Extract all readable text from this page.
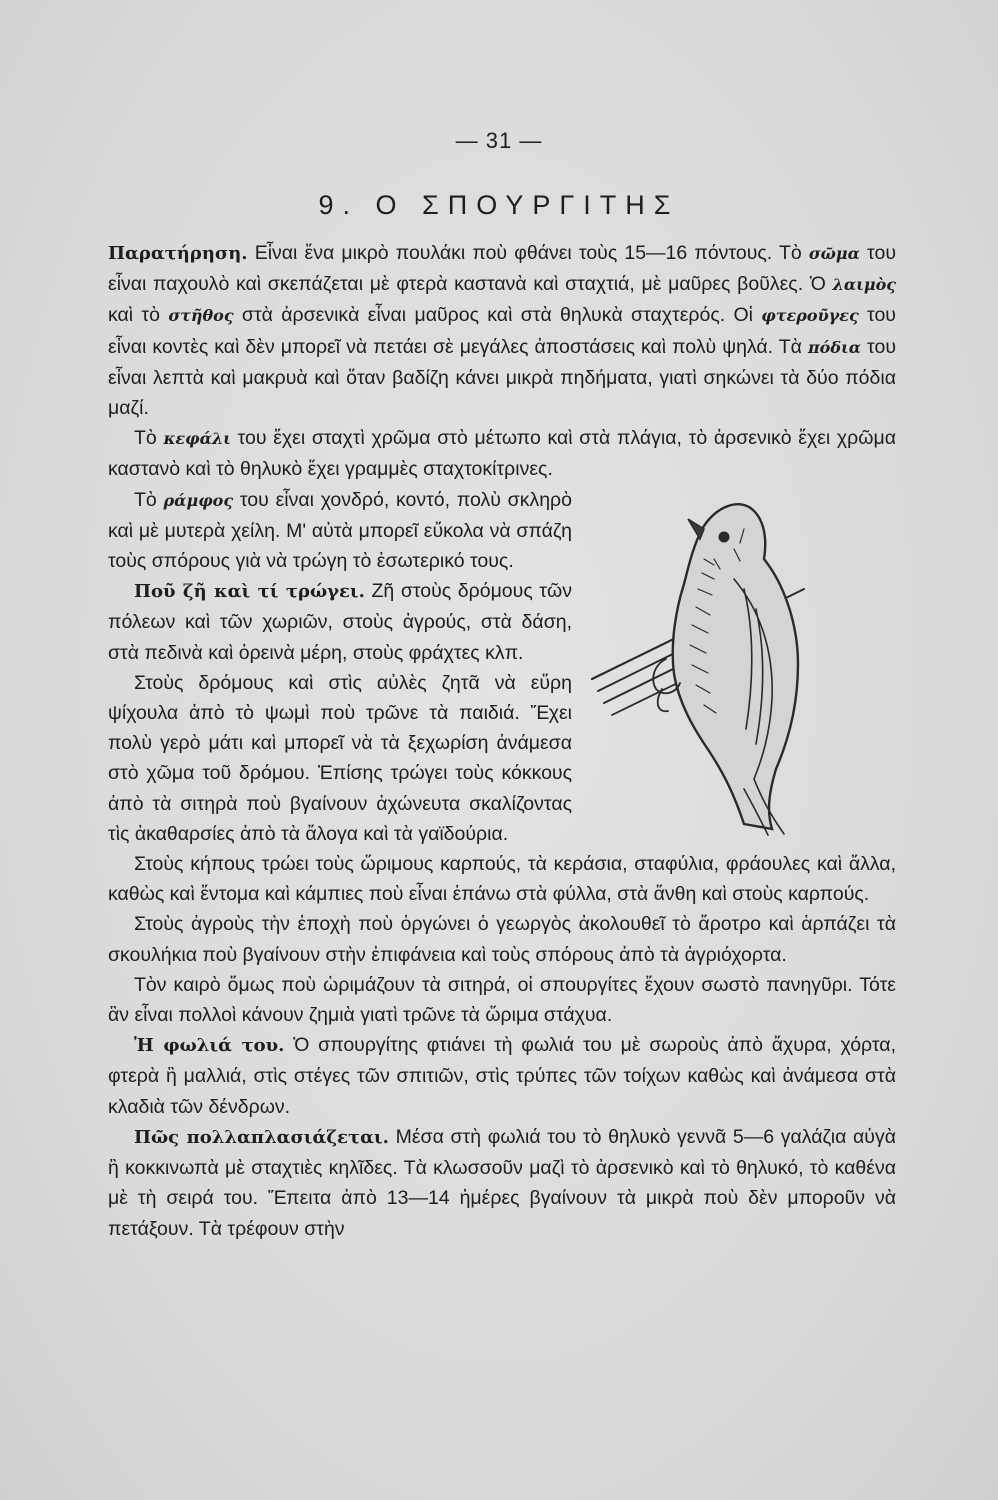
— 31 —
9. Ο ΣΠΟΥΡΓΙΤΗΣ

Παρατήρηση. Εἶναι ἕνα μικρὸ πουλάκι ποὺ φθάνει τοὺς 15—16 πόντους. Τὸ σῶμα του εἶναι παχουλὸ καὶ σκεπάζεται μὲ φτερὰ καστανὰ καὶ σταχτιά, μὲ μαῦρες βοῦλες. Ὁ λαιμὸς καὶ τὸ στῆθος στὰ ἀρσενικὰ εἶναι μαῦρος καὶ στὰ θηλυκὰ σταχτερός. Οἱ φτεροῦγες του εἶναι κοντὲς καὶ δὲν μπορεῖ νὰ πετάει σὲ μεγάλες ἀποστάσεις καὶ πολὺ ψηλά. Τὰ πόδια του εἶναι λεπτὰ καὶ μακρυὰ καὶ ὅταν βαδίζη κάνει μικρὰ πηδήματα, γιατὶ σηκώνει τὰ δύο πόδια μαζί.

Τὸ κεφάλι του ἔχει σταχτὶ χρῶμα στὸ μέτωπο καὶ στὰ πλάγια, τὸ ἀρσενικὸ ἔχει χρῶμα καστανὸ καὶ τὸ θηλυκὸ ἔχει γραμμὲς σταχτοκίτρινες.

Τὸ ράμφος του εἶναι χονδρό, κοντό, πολὺ σκληρὸ καὶ μὲ μυτερὰ χείλη. Μ' αὐτὰ μπορεῖ εὔκολα νὰ σπάζη τοὺς σπόρους γιὰ νὰ τρώγη τὸ ἐσωτερικό τους.

Ποῦ ζῆ καὶ τί τρώγει. Ζῆ στοὺς δρόμους τῶν πόλεων καὶ τῶν χωριῶν, στοὺς ἀγρούς, στὰ δάση, στὰ πεδινὰ καὶ ὀρεινὰ μέρη, στοὺς φράχτες κλπ.

Στοὺς δρόμους καὶ στὶς αὐλὲς ζητᾶ νὰ εὕρη ψίχουλα ἀπὸ τὸ ψωμὶ ποὺ τρῶνε τὰ παιδιά. Ἔχει πολὺ γερὸ μάτι καὶ μπορεῖ νὰ τὰ ξεχωρίση ἀνάμεσα στὸ χῶμα τοῦ δρόμου. Ἐπίσης τρώγει τοὺς κόκκους ἀπὸ τὰ σιτηρὰ ποὺ βγαίνουν ἀχώνευτα σκαλίζοντας τὶς ἀκαθαρσίες ἀπὸ τὰ ἄλογα καὶ τὰ γαϊδούρια.

Στοὺς κήπους τρώει τοὺς ὥριμους καρπούς, τὰ κεράσια, σταφύλια, φράουλες καὶ ἄλλα, καθὼς καὶ ἔντομα καὶ κάμπιες ποὺ εἶναι ἐπάνω στὰ φύλλα, στὰ ἄνθη καὶ στοὺς καρπούς.

Στοὺς ἀγροὺς τὴν ἐποχὴ ποὺ ὀργώνει ὁ γεωργὸς ἀκολουθεῖ τὸ ἄροτρο καὶ ἁρπάζει τὰ σκουλήκια ποὺ βγαίνουν στὴν ἐπιφάνεια καὶ τοὺς σπόρους ἀπὸ τὰ ἀγριόχορτα.

Τὸν καιρὸ ὅμως ποὺ ὡριμάζουν τὰ σιτηρά, οἱ σπουργίτες ἔχουν σωστὸ πανηγῦρι. Τότε ἂν εἶναι πολλοὶ κάνουν ζημιὰ γιατὶ τρῶνε τὰ ὥριμα στάχυα.

Ἡ φωλιά του. Ὁ σπουργίτης φτιάνει τὴ φωλιά του μὲ σωροὺς ἀπὸ ἄχυρα, χόρτα, φτερὰ ἢ μαλλιά, στὶς στέγες τῶν σπιτιῶν, στὶς τρύπες τῶν τοίχων καθὼς καὶ ἀνάμεσα στὰ κλαδιὰ τῶν δένδρων.

Πῶς πολλαπλασιάζεται. Μέσα στὴ φωλιά του τὸ θηλυκὸ γεννᾶ 5—6 γαλάζια αὐγὰ ἢ κοκκινωπὰ μὲ σταχτιὲς κηλῖδες. Τὰ κλωσσοῦν μαζὶ τὸ ἀρσενικὸ καὶ τὸ θηλυκό, τὸ καθένα μὲ τὴ σειρά του. Ἔπειτα ἀπὸ 13—14 ἡμέρες βγαίνουν τὰ μικρὰ ποὺ δὲν μποροῦν νὰ πετάξουν. Τὰ τρέφουν στὴν
